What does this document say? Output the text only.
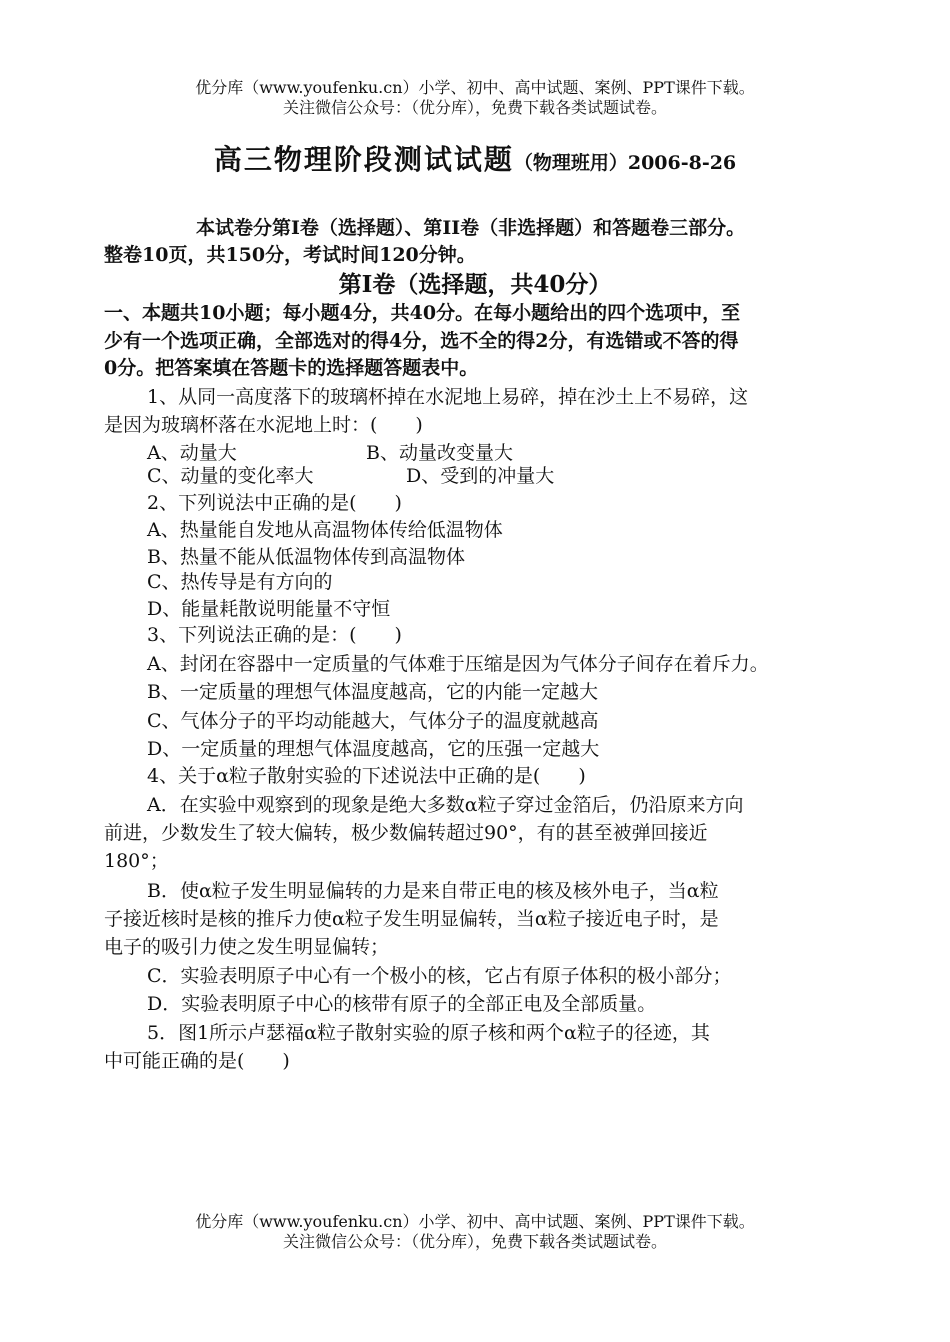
优分库（www.youfenku.cn）小学、初中、高中试题、案例、PPT课件下载。
关注微信公众号：（优分库），免费下载各类试题试卷。
高三物理阶段测试试题（物理班用）2006-8-26
本试卷分第Ⅰ卷（选择题）、第II卷（非选择题）和答题卷三部分。
整卷10页，共150分，考试时间120分钟。
第Ⅰ卷（选择题，共40分）
一、本题共10小题；每小题4分，共40分。在每小题给出的四个选项中，至
少有一个选项正确，全部选对的得4分，选不全的得2分，有选错或不答的得
0分。把答案填在答题卡的选择题答题表中。
1、从同一高度落下的玻璃杯掉在水泥地上易碎，掉在沙土上不易碎，这
是因为玻璃杯落在水泥地上时：(　　)
A、动量大	B、动量改变量大
C、动量的变化率大	D、受到的冲量大
2、下列说法中正确的是(　　)
A、热量能自发地从高温物体传给低温物体
B、热量不能从低温物体传到高温物体
C、热传导是有方向的
D、能量耗散说明能量不守恒
3、下列说法正确的是：(　　)
A、封闭在容器中一定质量的气体难于压缩是因为气体分子间存在着斥力。
B、一定质量的理想气体温度越高，它的内能一定越大
C、气体分子的平均动能越大，气体分子的温度就越高
D、一定质量的理想气体温度越高，它的压强一定越大
4、关于α粒子散射实验的下述说法中正确的是(　　)
A．在实验中观察到的现象是绝大多数α粒子穿过金箔后，仍沿原来方向
前进，少数发生了较大偏转，极少数偏转超过90°，有的甚至被弹回接近
180°；
B．使α粒子发生明显偏转的力是来自带正电的核及核外电子，当α粒
子接近核时是核的推斥力使α粒子发生明显偏转，当α粒子接近电子时，是
电子的吸引力使之发生明显偏转；
C．实验表明原子中心有一个极小的核，它占有原子体积的极小部分；
D．实验表明原子中心的核带有原子的全部正电及全部质量。
5．图1所示卢瑟福α粒子散射实验的原子核和两个α粒子的径迹，其
中可能正确的是(　　)
优分库（www.youfenku.cn）小学、初中、高中试题、案例、PPT课件下载。
关注微信公众号：（优分库），免费下载各类试题试卷。
